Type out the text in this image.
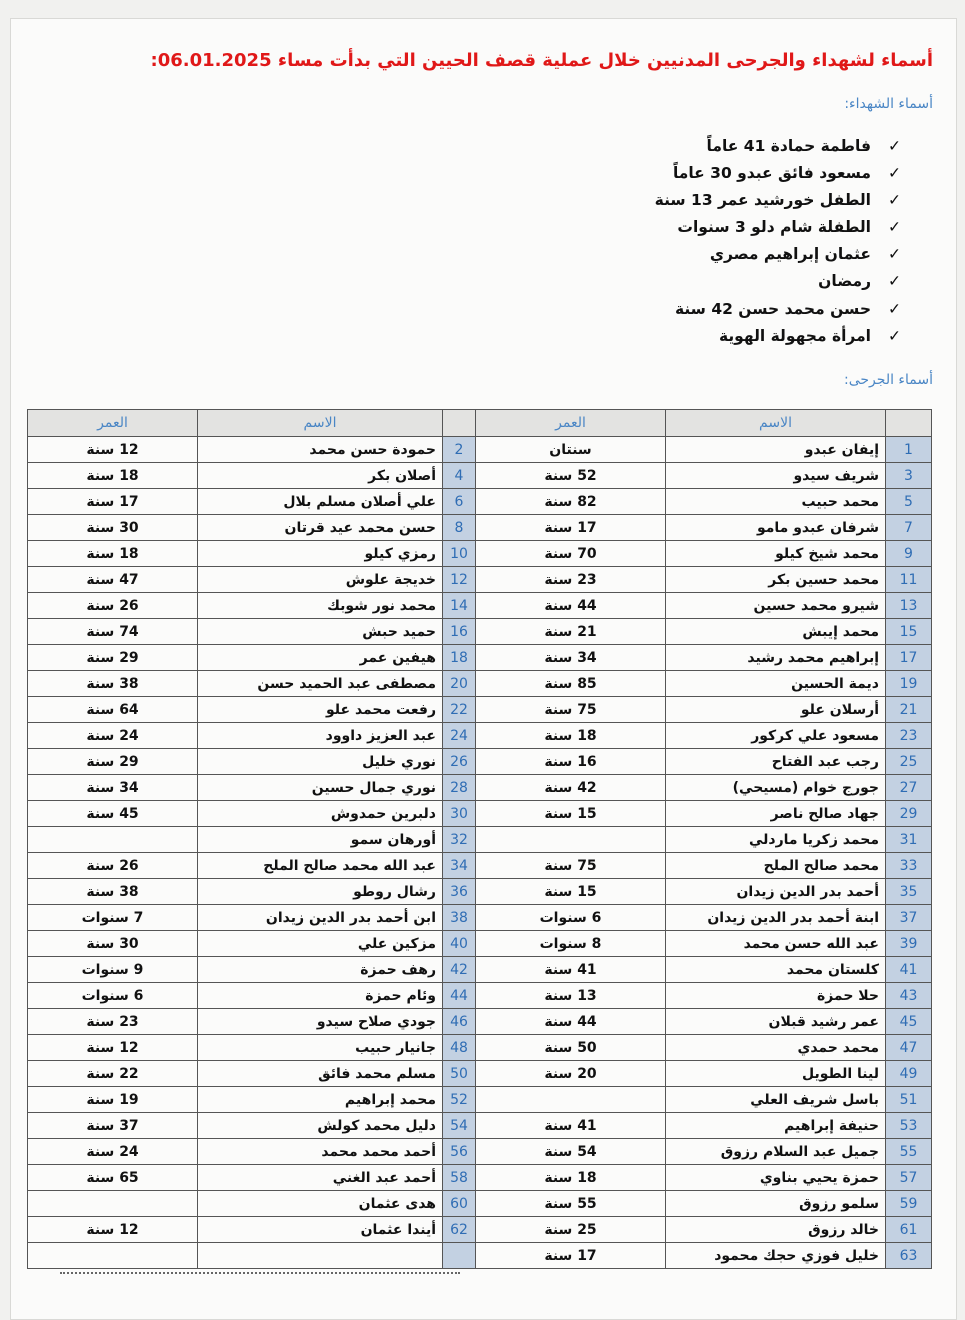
أسماء لشهداء والجرحى المدنيين خلال عملية قصف الحيين التي بدأت مساء 06.01.2025:
أسماء الشهداء:
✓فاطمة حمادة 41 عاماً
✓مسعود فائق عبدو 30 عاماً
✓الطفل خورشيد عمر 13 سنة
✓الطفلة شام دلو 3 سنوات
✓عثمان إبراهيم مصري
✓رمضان
✓حسن محمد حسن 42 سنة
✓امرأة مجهولة الهوية
أسماء الجرحى:
	الاسم	العمر		الاسم	العمر
1	إيفان عبدو	سنتان	2	حمودة حسن محمد	12 سنة
3	شريف سيدو	52 سنة	4	أصلان بكر	18 سنة
5	محمد حبيب	82 سنة	6	علي أصلان مسلم بلال	17 سنة
7	شرفان عبدو مامو	17 سنة	8	حسن محمد عيد قرتان	30 سنة
9	محمد شيخ كيلو	70 سنة	10	رمزي كيلو	18 سنة
11	محمد حسين بكر	23 سنة	12	خديجة علوش	47 سنة
13	شيرو محمد حسين	44 سنة	14	محمد نور شوبك	26 سنة
15	محمد إيبش	21 سنة	16	حميد حبش	74 سنة
17	إبراهيم محمد رشيد	34 سنة	18	هيفين عمر	29 سنة
19	ديمة الحسين	85 سنة	20	مصطفى عبد الحميد حسن	38 سنة
21	أرسلان علو	75 سنة	22	رفعت محمد علو	64 سنة
23	مسعود علي كركور	18 سنة	24	عبد العزيز داوود	24 سنة
25	رجب عبد الفتاح	16 سنة	26	نوري خليل	29 سنة
27	جورج خوام (مسيحي)	42 سنة	28	نوري جمال حسين	34 سنة
29	جهاد صالح ناصر	15 سنة	30	دلبرين حمدوش	45 سنة
31	محمد زكريا ماردلي		32	أورهان سمو	
33	محمد صالح الملح	75 سنة	34	عبد الله محمد صالح الملح	26 سنة
35	أحمد بدر الدين زيدان	15 سنة	36	رشال روطو	38 سنة
37	ابنة أحمد بدر الدين زيدان	6 سنوات	38	ابن أحمد بدر الدين زيدان	7 سنوات
39	عبد الله حسن محمد	8 سنوات	40	مزكين علي	30 سنة
41	كلستان محمد	41 سنة	42	رهف حمزة	9 سنوات
43	حلا حمزة	13 سنة	44	وئام حمزة	6 سنوات
45	عمر رشيد قبلان	44 سنة	46	جودي صلاح سيدو	23 سنة
47	محمد حمدي	50 سنة	48	جانيار حبيب	12 سنة
49	لينا الطويل	20 سنة	50	مسلم محمد فائق	22 سنة
51	باسل شريف العلي		52	محمد إبراهيم	19 سنة
53	حنيفة إبراهيم	41 سنة	54	دليل محمد كولش	37 سنة
55	جميل عبد السلام رزوق	54 سنة	56	أحمد محمد محمد	24 سنة
57	حمزة يحيي بناوي	18 سنة	58	أحمد عبد الغني	65 سنة
59	سلمو رزوق	55 سنة	60	هدى عثمان	
61	خالد رزوق	25 سنة	62	أيندا عثمان	12 سنة
63	خليل فوزي حجك محمود	17 سنة			
